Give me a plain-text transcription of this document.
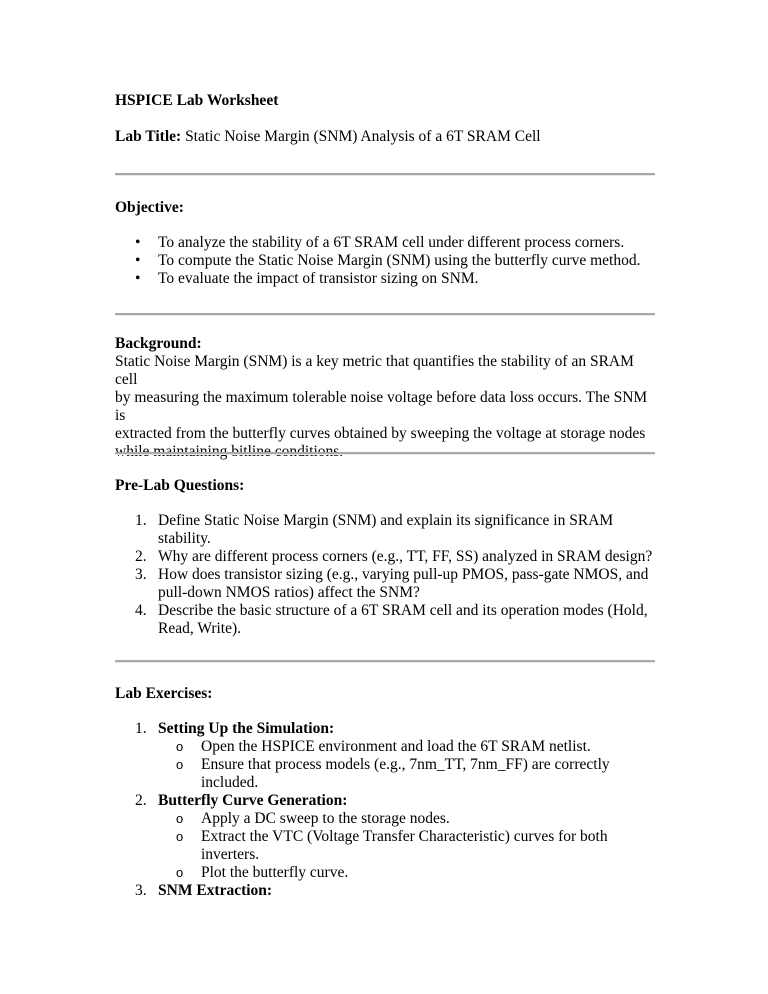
HSPICE Lab Worksheet
Lab Title: Static Noise Margin (SNM) Analysis of a 6T SRAM Cell
Objective:
• To analyze the stability of a 6T SRAM cell under different process corners.
• To compute the Static Noise Margin (SNM) using the butterfly curve method.
• To evaluate the impact of transistor sizing on SNM.
Background:
Static Noise Margin (SNM) is a key metric that quantifies the stability of an SRAM cell
by measuring the maximum tolerable noise voltage before data loss occurs. The SNM is
extracted from the butterfly curves obtained by sweeping the voltage at storage nodes
while maintaining bitline conditions.
Pre-Lab Questions:
1. Define Static Noise Margin (SNM) and explain its significance in SRAM
stability.
2. Why are different process corners (e.g., TT, FF, SS) analyzed in SRAM design?
3. How does transistor sizing (e.g., varying pull-up PMOS, pass-gate NMOS, and
pull-down NMOS ratios) affect the SNM?
4. Describe the basic structure of a 6T SRAM cell and its operation modes (Hold,
Read, Write).
Lab Exercises:
1. Setting Up the Simulation:
o Open the HSPICE environment and load the 6T SRAM netlist.
o Ensure that process models (e.g., 7nm_TT, 7nm_FF) are correctly
included.
2. Butterfly Curve Generation:
o Apply a DC sweep to the storage nodes.
o Extract the VTC (Voltage Transfer Characteristic) curves for both
inverters.
o Plot the butterfly curve.
3. SNM Extraction:
